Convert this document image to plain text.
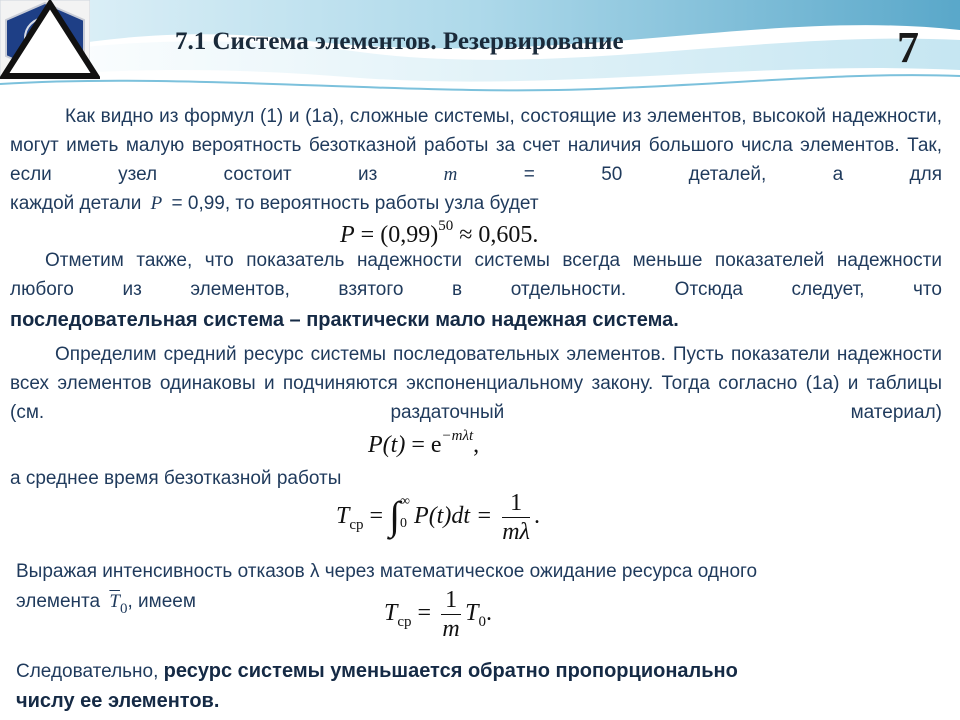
7.1 Система элементов. Резервирование	7
Как видно из формул (1) и (1а), сложные системы, состоящие из элементов, высокой надежности, могут иметь малую вероятность безотказной работы за счет наличия большого числа элементов. Так, если узел состоит из	m = 50 деталей, а для
каждой детали P = 0,99, то вероятность работы узла будет
$P = (0,99)^{50} \approx 0,605$.
Отметим также, что показатель надежности системы всегда меньше показателей надежности любого из элементов, взятого в отдельности. Отсюда следует, что
последовательная система – практически мало надежная система.
Определим средний ресурс системы последовательных элементов. Пусть показатели надежности всех элементов одинаковы и подчиняются экспоненциальному закону. Тогда согласно (1а) и таблицы (см. раздаточный материал)
$P(t) = e^{-m\lambda t}$,
а среднее время безотказной работы
$T_{ср}$ = ∫ ∞
0 $P(t)dt = \frac{1}{m\lambda}$ .
Выражая интенсивность отказов λ через математическое ожидание ресурса одного
элемента $\overline{T}_0$, имеем	$T_{ср} = \frac{1}{m} T_0$.
Следовательно, ресурс системы уменьшается обратно пропорционально
числу ее элементов.
